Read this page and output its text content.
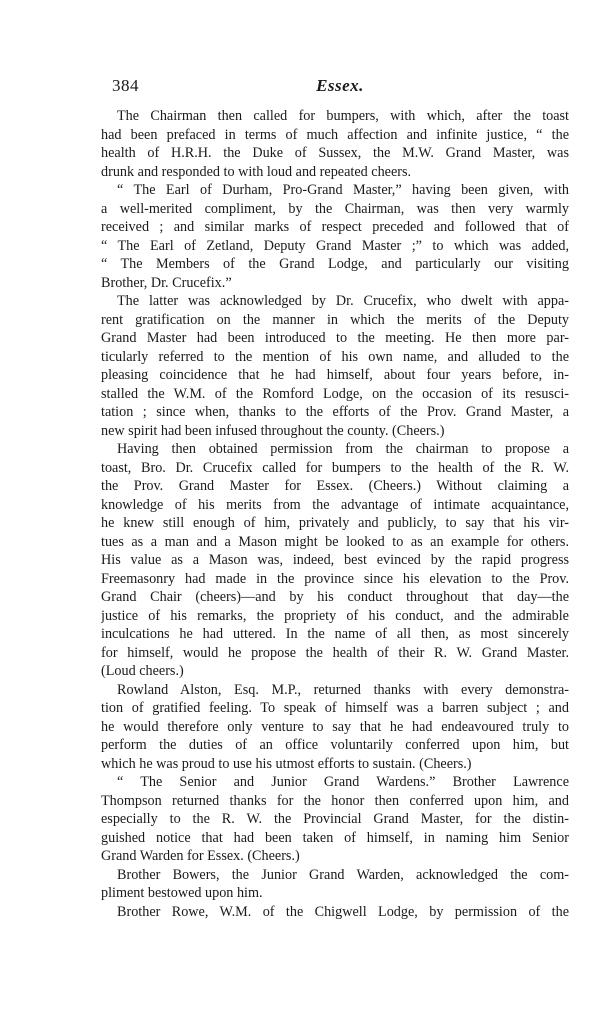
384	Essex.
The Chairman then called for bumpers, with which, after the toast
had been prefaced in terms of much affection and infinite justice, “ the
health of H.R.H. the Duke of Sussex, the M.W. Grand Master, was
drunk and responded to with loud and repeated cheers.
“ The Earl of Durham, Pro-Grand Master,” having been given, with
a well-merited compliment, by the Chairman, was then very warmly
received ; and similar marks of respect preceded and followed that of
“ The Earl of Zetland, Deputy Grand Master ;” to which was added,
“ The Members of the Grand Lodge, and particularly our visiting
Brother, Dr. Crucefix.”
The latter was acknowledged by Dr. Crucefix, who dwelt with appa-
rent gratification on the manner in which the merits of the Deputy
Grand Master had been introduced to the meeting. He then more par-
ticularly referred to the mention of his own name, and alluded to the
pleasing coincidence that he had himself, about four years before, in-
stalled the W.M. of the Romford Lodge, on the occasion of its resusci-
tation ; since when, thanks to the efforts of the Prov. Grand Master, a
new spirit had been infused throughout the county. (Cheers.)
Having then obtained permission from the chairman to propose a
toast, Bro. Dr. Crucefix called for bumpers to the health of the R. W.
the Prov. Grand Master for Essex. (Cheers.) Without claiming a
knowledge of his merits from the advantage of intimate acquaintance,
he knew still enough of him, privately and publicly, to say that his vir-
tues as a man and a Mason might be looked to as an example for others.
His value as a Mason was, indeed, best evinced by the rapid progress
Freemasonry had made in the province since his elevation to the Prov.
Grand Chair (cheers)—and by his conduct throughout that day—the
justice of his remarks, the propriety of his conduct, and the admirable
inculcations he had uttered. In the name of all then, as most sincerely
for himself, would he propose the health of their R. W. Grand Master.
(Loud cheers.)
Rowland Alston, Esq. M.P., returned thanks with every demonstra-
tion of gratified feeling. To speak of himself was a barren subject ; and
he would therefore only venture to say that he had endeavoured truly to
perform the duties of an office voluntarily conferred upon him, but
which he was proud to use his utmost efforts to sustain. (Cheers.)
“ The Senior and Junior Grand Wardens.” Brother Lawrence
Thompson returned thanks for the honor then conferred upon him, and
especially to the R. W. the Provincial Grand Master, for the distin-
guished notice that had been taken of himself, in naming him Senior
Grand Warden for Essex. (Cheers.)
Brother Bowers, the Junior Grand Warden, acknowledged the com-
pliment bestowed upon him.
Brother Rowe, W.M. of the Chigwell Lodge, by permission of the
